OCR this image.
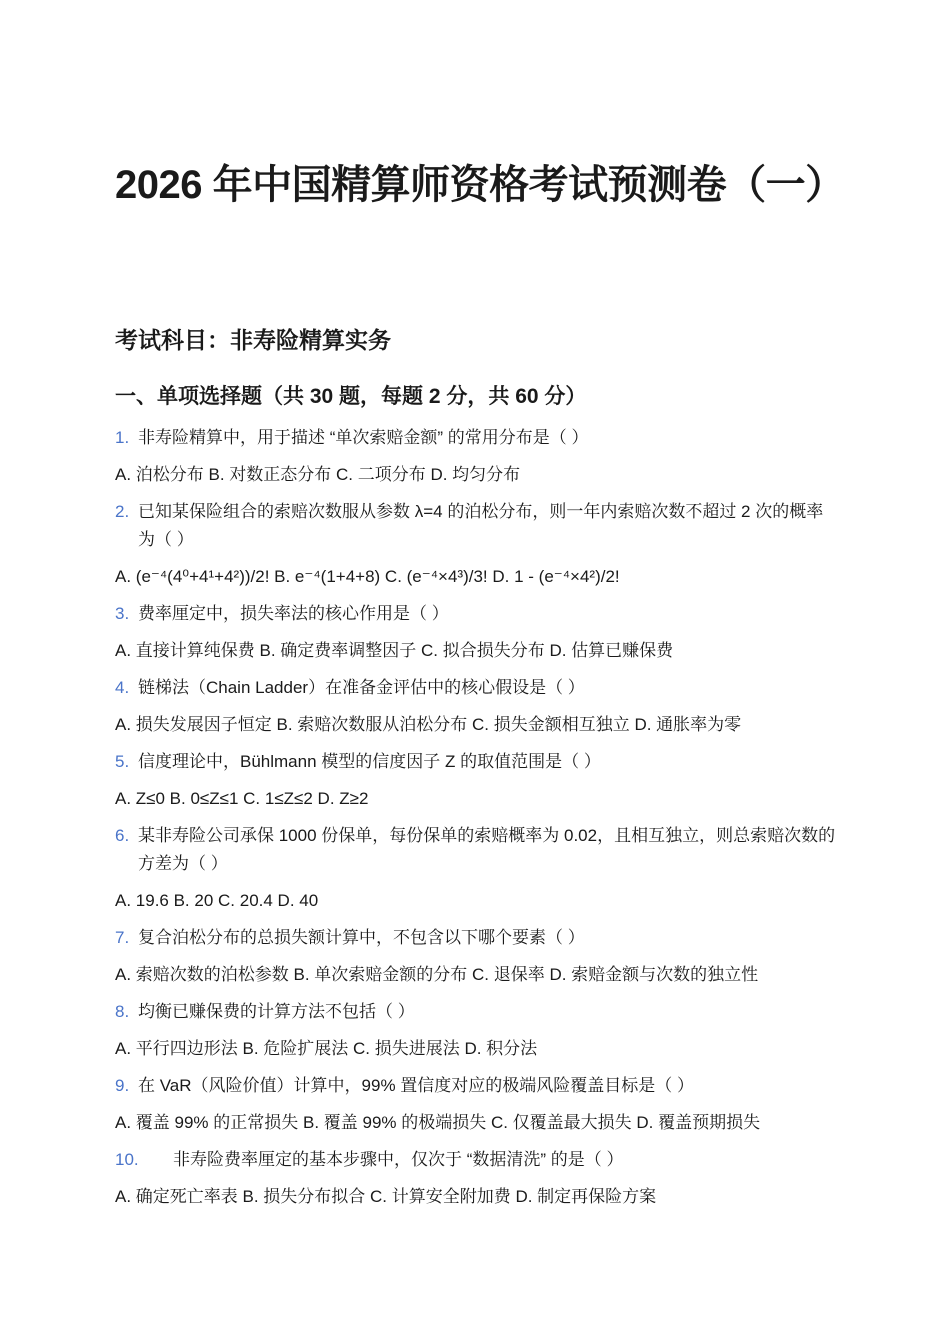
2026 年中国精算师资格考试预测卷（一）
考试科目：非寿险精算实务
一、单项选择题（共 30 题，每题 2 分，共 60 分）

1. 非寿险精算中，用于描述 “单次索赔金额” 的常用分布是（ ）

A. 泊松分布 B. 对数正态分布 C. 二项分布 D. 均匀分布

2. 已知某保险组合的索赔次数服从参数 λ=4 的泊松分布，则一年内索赔次数不超过 2 次的概率为（ ）

A. (e⁻⁴(4⁰+4¹+4²))/2! B. e⁻⁴(1+4+8) C. (e⁻⁴×4³)/3! D. 1 - (e⁻⁴×4²)/2!

3. 费率厘定中，损失率法的核心作用是（ ）

A. 直接计算纯保费 B. 确定费率调整因子 C. 拟合损失分布 D. 估算已赚保费

4. 链梯法（Chain Ladder）在准备金评估中的核心假设是（ ）

A. 损失发展因子恒定 B. 索赔次数服从泊松分布 C. 损失金额相互独立 D. 通胀率为零

5. 信度理论中，Bühlmann 模型的信度因子 Z 的取值范围是（ ）

A. Z≤0 B. 0≤Z≤1 C. 1≤Z≤2 D. Z≥2

6. 某非寿险公司承保 1000 份保单，每份保单的索赔概率为 0.02，且相互独立，则总索赔次数的方差为（ ）

A. 19.6 B. 20 C. 20.4 D. 40

7. 复合泊松分布的总损失额计算中，不包含以下哪个要素（ ）

A. 索赔次数的泊松参数 B. 单次索赔金额的分布 C. 退保率 D. 索赔金额与次数的独立性

8. 均衡已赚保费的计算方法不包括（ ）

A. 平行四边形法 B. 危险扩展法 C. 损失进展法 D. 积分法

9. 在 VaR（风险价值）计算中，99% 置信度对应的极端风险覆盖目标是（ ）

A. 覆盖 99% 的正常损失 B. 覆盖 99% 的极端损失 C. 仅覆盖最大损失 D. 覆盖预期损失

10. 非寿险费率厘定的基本步骤中，仅次于 “数据清洗” 的是（ ）

A. 确定死亡率表 B. 损失分布拟合 C. 计算安全附加费 D. 制定再保险方案
